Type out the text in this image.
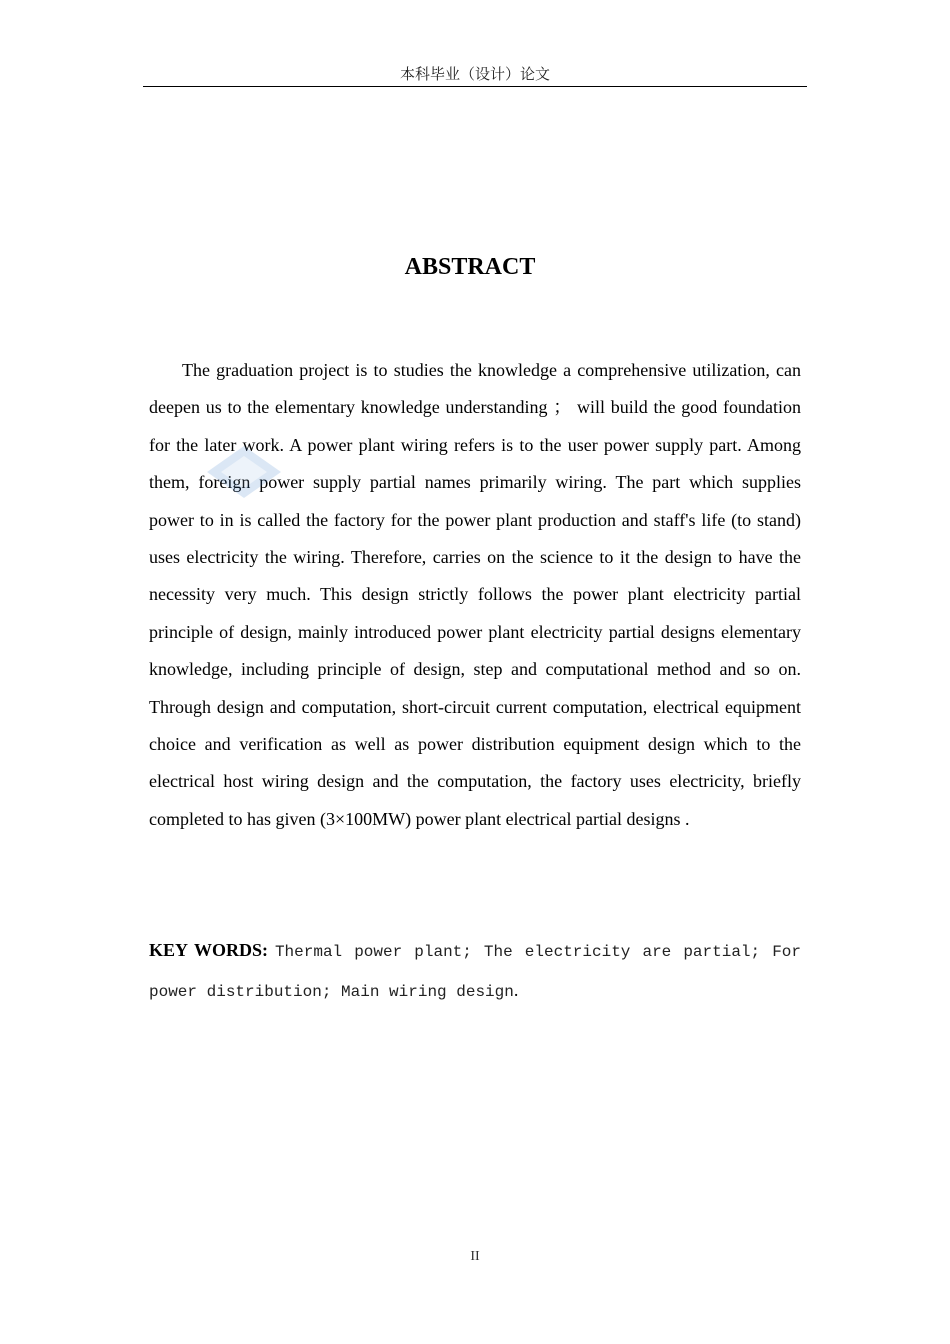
本科毕业（设计）论文
ABSTRACT

The graduation project is to studies the knowledge a comprehensive utilization, can deepen us to the elementary knowledge understanding ； will build the good foundation for the later work. A power plant wiring refers is to the user power supply part. Among them, foreign power supply partial names primarily wiring. The part which supplies power to in is called the factory for the power plant production and staff's life (to stand) uses electricity the wiring. Therefore, carries on the science to it the design to have the necessity very much. This design strictly follows the power plant electricity partial principle of design, mainly introduced power plant electricity partial designs elementary knowledge, including principle of design, step and computational method and so on. Through design and computation, short-circuit current computation, electrical equipment choice and verification as well as power distribution equipment design which to the electrical host wiring design and the computation, the factory uses electricity, briefly completed to has given (3×100MW) power plant electrical partial designs .

KEY WORDS: Thermal power plant; The electricity are partial; For power distribution; Main wiring design.

II
